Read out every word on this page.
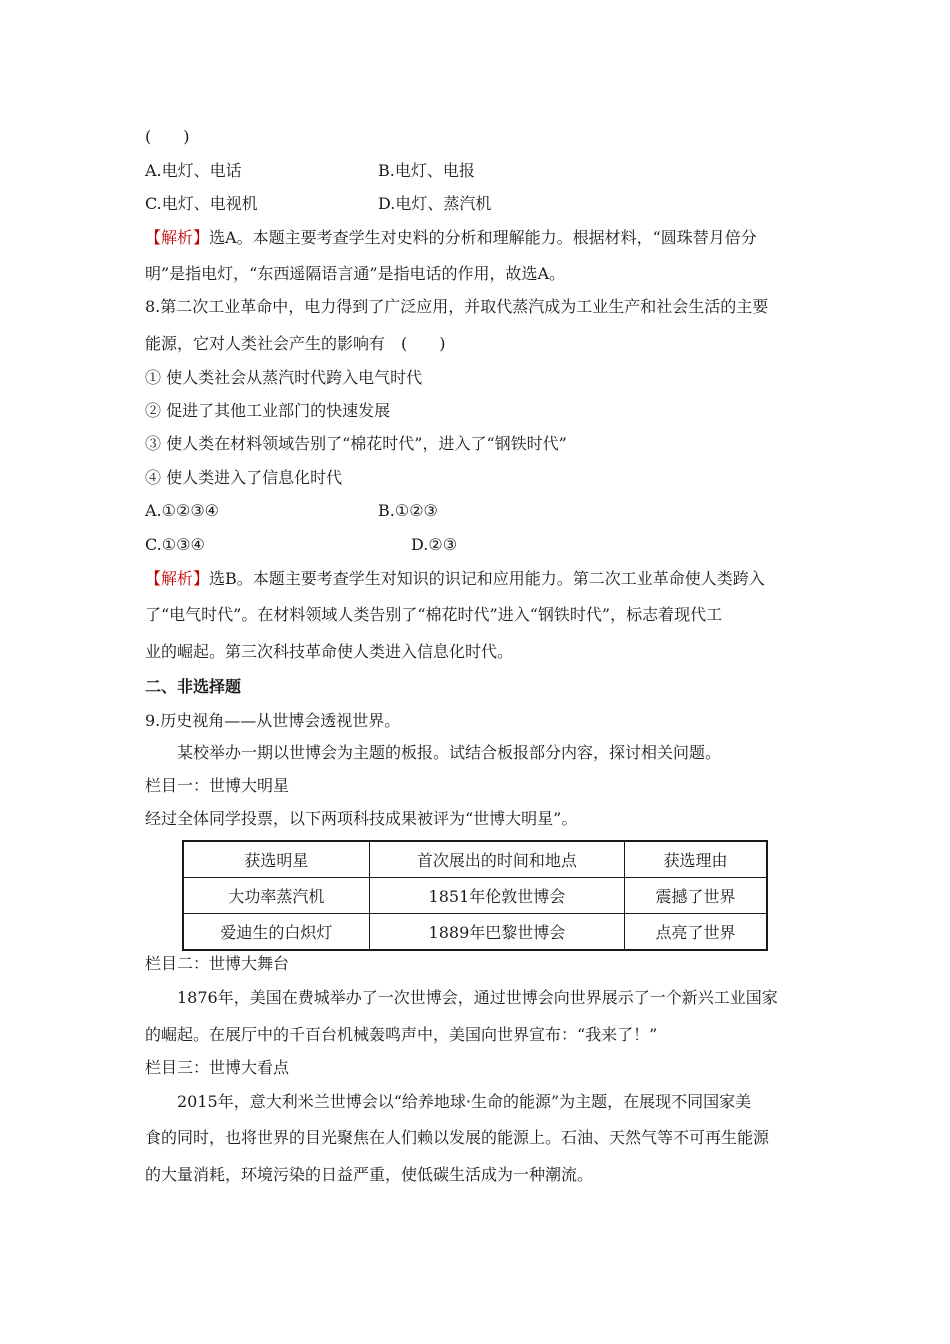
(　　)
A.电灯、电话	B.电灯、电报
C.电灯、电视机	D.电灯、蒸汽机
【解析】选A。本题主要考查学生对史料的分析和理解能力。根据材料，“圆珠替月倍分
明”是指电灯，“东西遥隔语言通”是指电话的作用，故选A。
8.第二次工业革命中，电力得到了广泛应用，并取代蒸汽成为工业生产和社会生活的主要
能源，它对人类社会产生的影响有　(　　)
① 使人类社会从蒸汽时代跨入电气时代
② 促进了其他工业部门的快速发展
③ 使人类在材料领域告别了“棉花时代”，进入了“钢铁时代”
④ 使人类进入了信息化时代
A.①②③④	B.①②③
C.①③④	D.②③
【解析】选B。本题主要考查学生对知识的识记和应用能力。第二次工业革命使人类跨入
了“电气时代”。在材料领域人类告别了“棉花时代”进入“钢铁时代”，标志着现代工
业的崛起。第三次科技革命使人类进入信息化时代。
二、非选择题
9.历史视角——从世博会透视世界。
某校举办一期以世博会为主题的板报。试结合板报部分内容，探讨相关问题。
栏目一：世博大明星
经过全体同学投票，以下两项科技成果被评为“世博大明星”。
获选明星	首次展出的时间和地点	获选理由
大功率蒸汽机	1851年伦敦世博会	震撼了世界
爱迪生的白炽灯	1889年巴黎世博会	点亮了世界
栏目二：世博大舞台
1876年，美国在费城举办了一次世博会，通过世博会向世界展示了一个新兴工业国家
的崛起。在展厅中的千百台机械轰鸣声中，美国向世界宣布：“我来了！”
栏目三：世博大看点
2015年，意大利米兰世博会以“给养地球·生命的能源”为主题，在展现不同国家美
食的同时，也将世界的目光聚焦在人们赖以发展的能源上。石油、天然气等不可再生能源
的大量消耗，环境污染的日益严重，使低碳生活成为一种潮流。
